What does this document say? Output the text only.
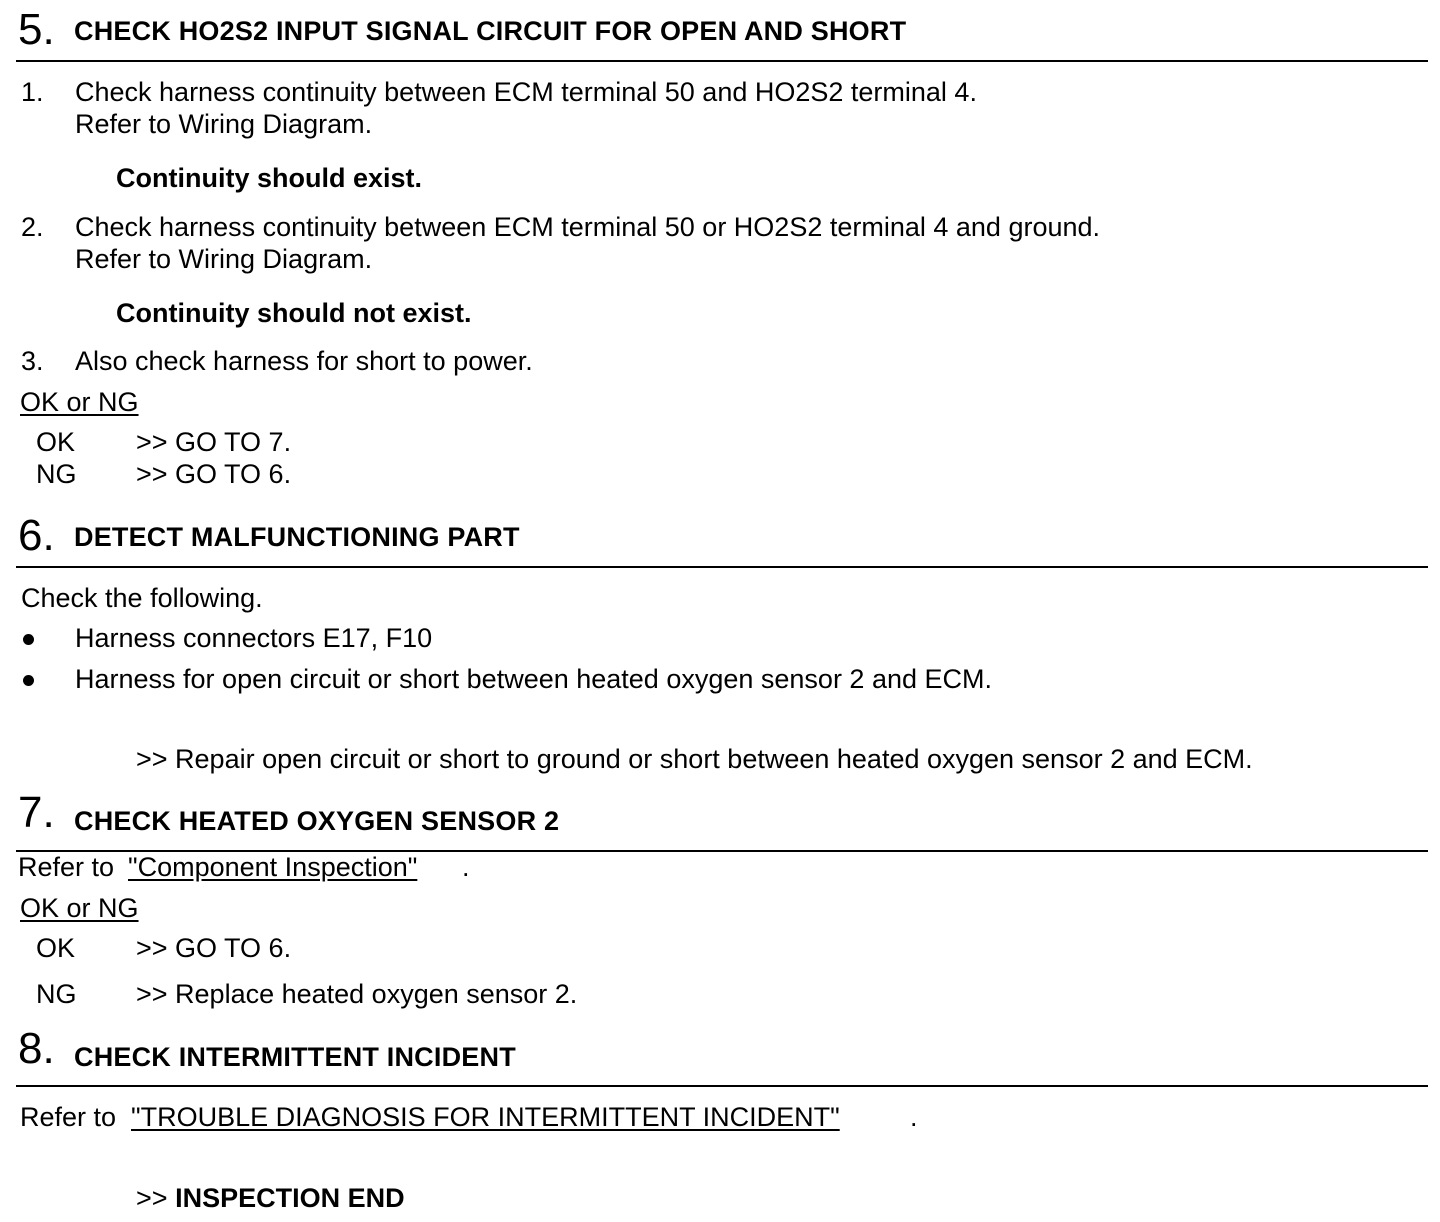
5. CHECK HO2S2 INPUT SIGNAL CIRCUIT FOR OPEN AND SHORT
1. Check harness continuity between ECM terminal 50 and HO2S2 terminal 4.
Refer to Wiring Diagram.
Continuity should exist.
2. Check harness continuity between ECM terminal 50 or HO2S2 terminal 4 and ground.
Refer to Wiring Diagram.
Continuity should not exist.
3. Also check harness for short to power.
OK or NG
OK >> GO TO 7.
NG >> GO TO 6.
6. DETECT MALFUNCTIONING PART
Check the following.
Harness connectors E17, F10
Harness for open circuit or short between heated oxygen sensor 2 and ECM.
>> Repair open circuit or short to ground or short between heated oxygen sensor 2 and ECM.
7. CHECK HEATED OXYGEN SENSOR 2
Refer to "Component Inspection" .
OK or NG
OK >> GO TO 6.
NG >> Replace heated oxygen sensor 2.
8. CHECK INTERMITTENT INCIDENT
Refer to "TROUBLE DIAGNOSIS FOR INTERMITTENT INCIDENT"	.
>> INSPECTION END
